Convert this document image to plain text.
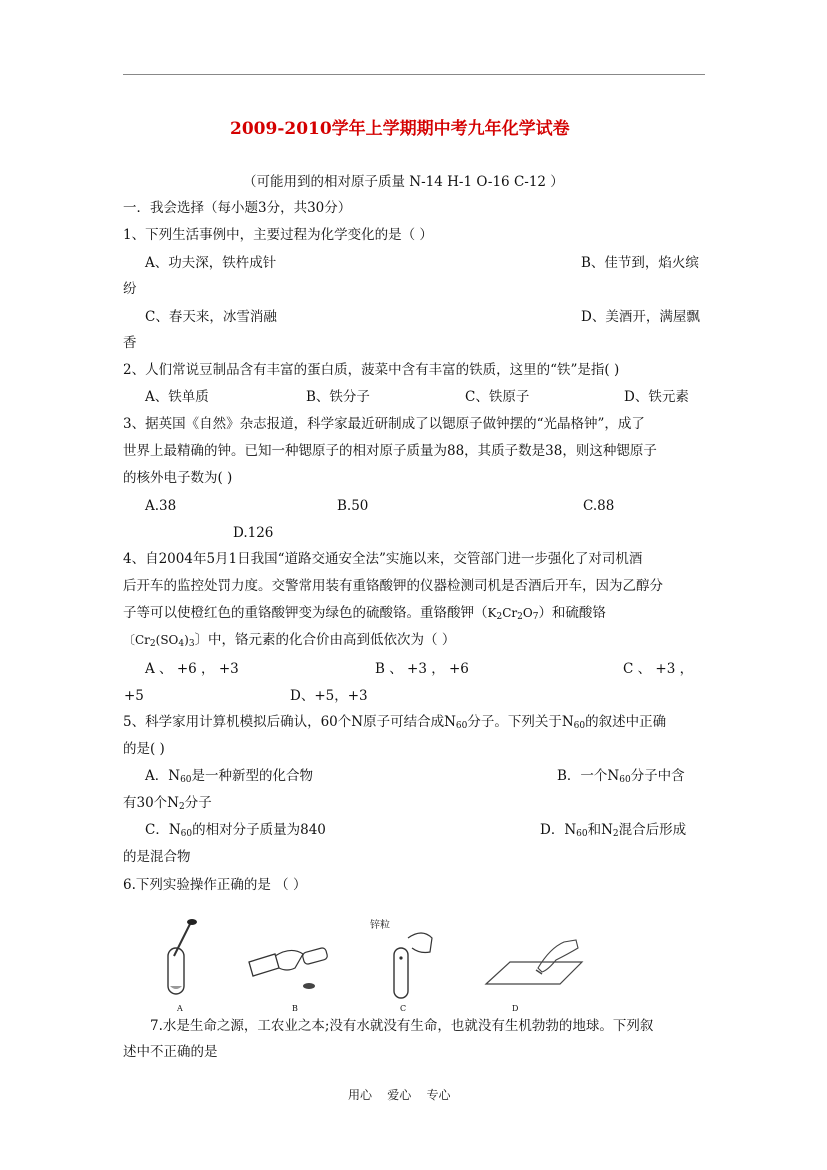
2009-2010学年上学期期中考九年化学试卷
（可能用到的相对原子质量 N-14 H-1 O-16 C-12 ）
一．我会选择（每小题3分，共30分）
1、下列生活事例中，主要过程为化学变化的是（ ）
A、功夫深，铁杵成针	B、佳节到，焰火缤
纷
C、春天来，冰雪消融	D、美酒开，满屋飘
香
2、人们常说豆制品含有丰富的蛋白质，菠菜中含有丰富的铁质，这里的“铁”是指( )
A、铁单质	B、铁分子	C、铁原子	D、铁元素
3、据英国《自然》杂志报道，科学家最近研制成了以锶原子做钟摆的“光晶格钟”，成了
世界上最精确的钟。已知一种锶原子的相对原子质量为88，其质子数是38，则这种锶原子
的核外电子数为( )
A.38	B.50	C.88
D.126
4、自2004年5月1日我国“道路交通安全法”实施以来，交管部门进一步强化了对司机酒
后开车的监控处罚力度。交警常用装有重铬酸钾的仪器检测司机是否酒后开车，因为乙醇分
子等可以使橙红色的重铬酸钾变为绿色的硫酸铬。重铬酸钾$(K_2Cr_2O_7)$和硫酸铬
〔$Cr_2(SO_4)_3$〕中，铬元素的化合价由高到低依次为（ ）
A 、 +6 ， +3	B 、 +3 ， +6	C 、 +3 ，
+5	D、+5，+3
5、科学家用计算机模拟后确认，60个N原子可结合成$N_{60}$分子。下列关于$N_{60}$的叙述中正确
的是( )
A．$N_{60}$是一种新型的化合物	B．一个$N_{60}$分子中含
有30个$N_2$分子
C．$N_{60}$的相对分子质量为840	D．$N_{60}$和$N_2$混合后形成
的是混合物
6.下列实验操作正确的是 （ ）
锌粒
A	B	C	D
7.水是生命之源，工农业之本;没有水就没有生命，也就没有生机勃勃的地球。下列叙
述中不正确的是
用心    爱心    专心
